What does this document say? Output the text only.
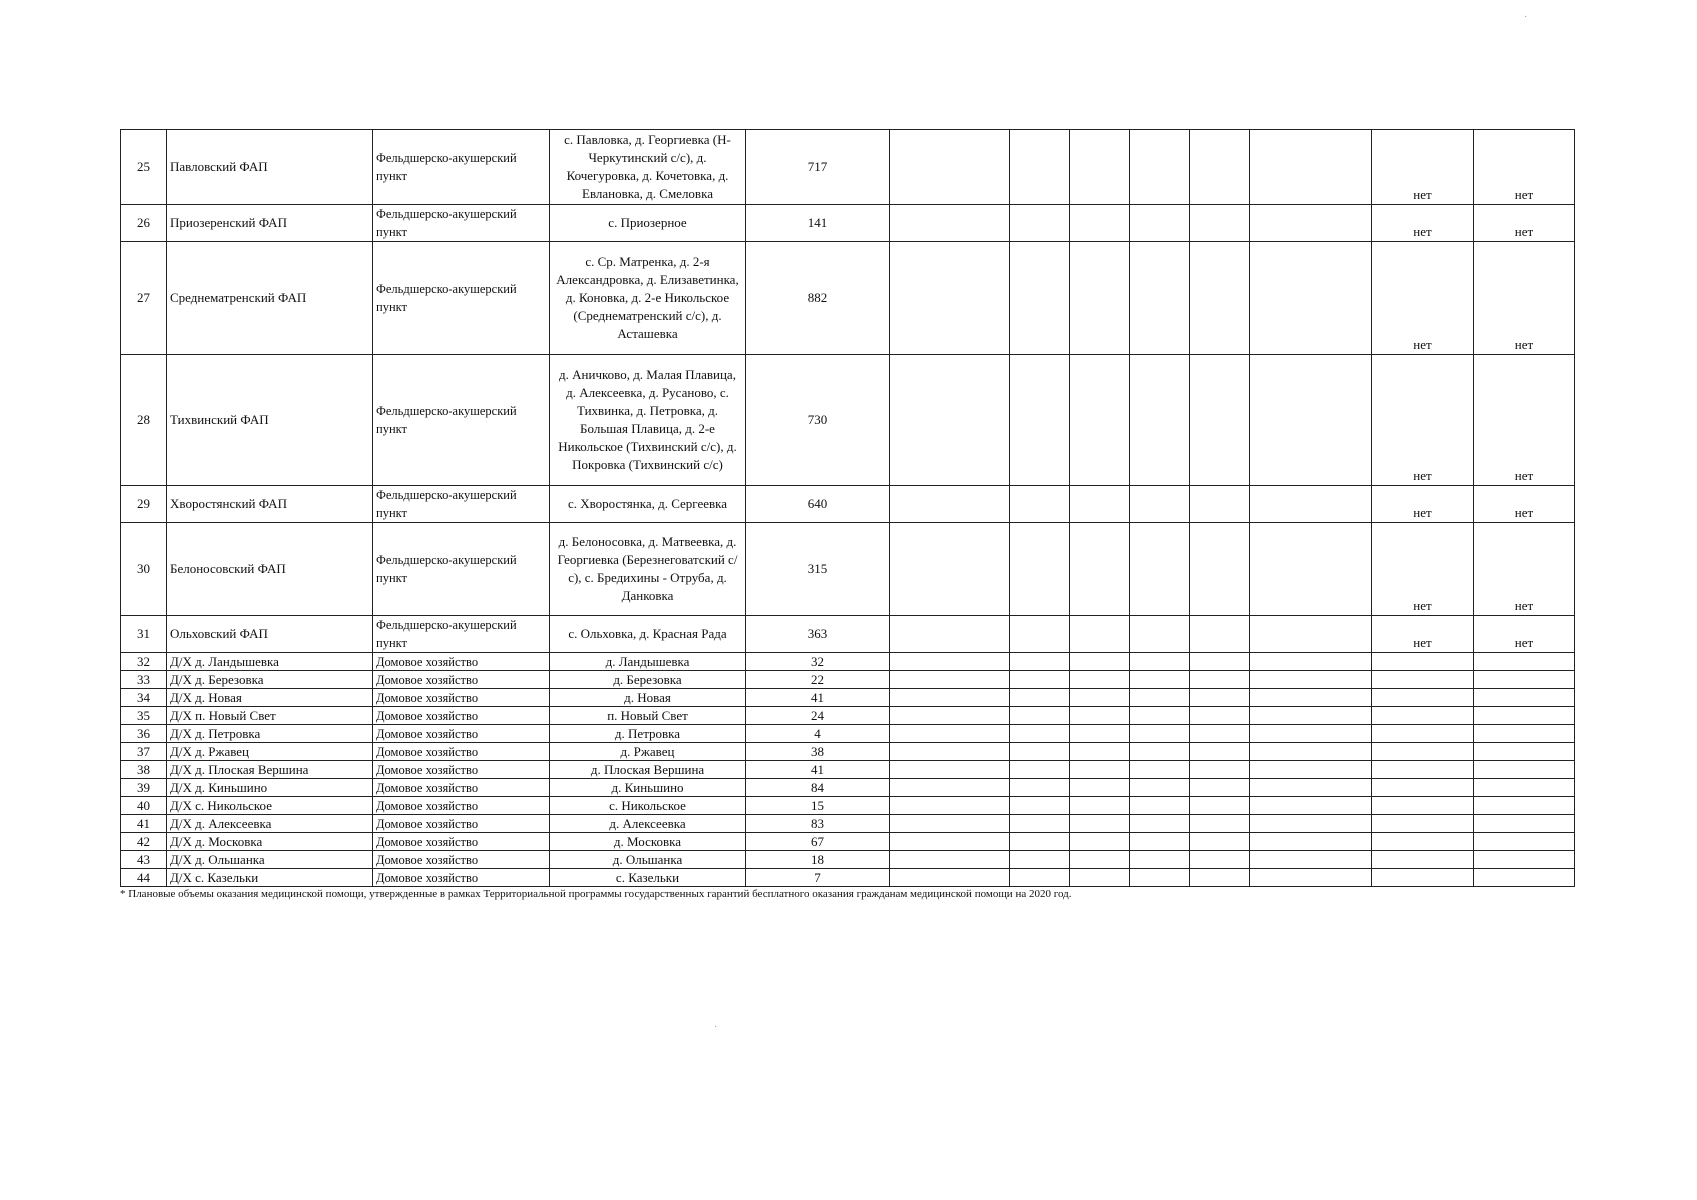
25	Павловский ФАП	Фельдшерско-акушерский пункт	с. Павловка, д. Георгиевка (Н-Черкутинский с/с), д. Кочегуровка, д. Кочетовка, д. Евлановка, д. Смеловка	717							нет	нет
26	Приозеренский ФАП	Фельдшерско-акушерский пункт	с. Приозерное	141							нет	нет
27	Среднематренский ФАП	Фельдшерско-акушерский пункт	с. Ср. Матренка, д. 2-я Александровка, д. Елизаветинка, д. Коновка, д. 2-е Никольское (Среднематренский с/с), д. Асташевка	882							нет	нет
28	Тихвинский ФАП	Фельдшерско-акушерский пункт	д. Аничково, д. Малая Плавица, д. Алексеевка, д. Русаново, с. Тихвинка, д. Петровка, д. Большая Плавица, д. 2-е Никольское (Тихвинский с/с), д. Покровка (Тихвинский с/с)	730							нет	нет
29	Хворостянский ФАП	Фельдшерско-акушерский пункт	с. Хворостянка, д. Сергеевка	640							нет	нет
30	Белоносовский ФАП	Фельдшерско-акушерский пункт	д. Белоносовка, д. Матвеевка, д. Георгиевка (Березнеговатский с/с), с. Бредихины - Отруба, д. Данковка	315							нет	нет
31	Ольховский ФАП	Фельдшерско-акушерский пункт	с. Ольховка, д. Красная Рада	363							нет	нет
32	Д/Х д. Ландышевка	Домовое хозяйство	д. Ландышевка	32								
33	Д/Х д. Березовка	Домовое хозяйство	д. Березовка	22								
34	Д/Х д. Новая	Домовое хозяйство	д. Новая	41								
35	Д/Х п. Новый Свет	Домовое хозяйство	п. Новый Свет	24								
36	Д/Х д. Петровка	Домовое хозяйство	д. Петровка	4								
37	Д/Х д. Ржавец	Домовое хозяйство	д. Ржавец	38								
38	Д/Х д. Плоская Вершина	Домовое хозяйство	д. Плоская Вершина	41								
39	Д/Х д. Киньшино	Домовое хозяйство	д. Киньшино	84								
40	Д/Х с. Никольское	Домовое хозяйство	с. Никольское	15								
41	Д/Х д. Алексеевка	Домовое хозяйство	д. Алексеевка	83								
42	Д/Х д. Московка	Домовое хозяйство	д. Московка	67								
43	Д/Х д. Ольшанка	Домовое хозяйство	д. Ольшанка	18								
44	Д/Х с. Казельки	Домовое хозяйство	с. Казельки	7								
* Плановые объемы оказания медицинской помощи, утвержденные в рамках Территориальной программы государственных гарантий бесплатного оказания гражданам медицинской помощи на 2020 год.
·
·
